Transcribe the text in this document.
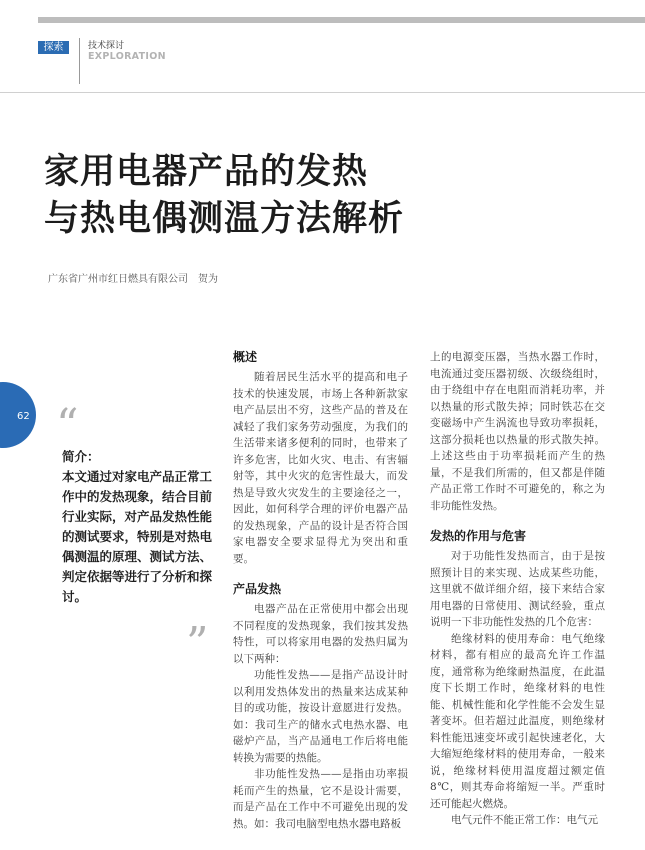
探索	技术探讨
EXPLORATION
家用电器产品的发热
与热电偶测温方法解析
广东省广州市红日燃具有限公司　贺为
62 “

简介：

本文通过对家电产品正常工作中的发热现象，结合目前行业实际，对产品发热性能的测试要求，特别是对热电偶测温的原理、测试方法、判定依据等进行了分析和探讨。

”
概述

随着居民生活水平的提高和电子技术的快速发展，市场上各种新款家电产品层出不穷，这些产品的普及在减轻了我们家务劳动强度，为我们的生活带来诸多便利的同时，也带来了许多危害，比如火灾、电击、有害辐射等，其中火灾的危害性最大，而发热是导致火灾发生的主要途径之一，因此，如何科学合理的评价电器产品的发热现象，产品的设计是否符合国家电器安全要求显得尤为突出和重要。

产品发热

电器产品在正常使用中都会出现不同程度的发热现象，我们按其发热特性，可以将家用电器的发热归属为以下两种：

功能性发热——是指产品设计时以利用发热体发出的热量来达成某种目的或功能，按设计意愿进行发热。如：我司生产的储水式电热水器、电磁炉产品，当产品通电工作后将电能转换为需要的热能。

非功能性发热——是指由功率损耗而产生的热量，它不是设计需要，而是产品在工作中不可避免出现的发热。如：我司电脑型电热水器电路板

上的电源变压器，当热水器工作时，电流通过变压器初级、次级绕组时，由于绕组中存在电阻而消耗功率，并以热量的形式散失掉；同时铁芯在交变磁场中产生涡流也导致功率损耗，这部分损耗也以热量的形式散失掉。上述这些由于功率损耗而产生的热量，不是我们所需的，但又都是伴随产品正常工作时不可避免的，称之为非功能性发热。

发热的作用与危害

对于功能性发热而言，由于是按照预计目的来实现、达成某些功能，这里就不做详细介绍，接下来结合家用电器的日常使用、测试经验，重点说明一下非功能性发热的几个危害：

绝缘材料的使用寿命：电气绝缘材料，都有相应的最高允许工作温度，通常称为绝缘耐热温度，在此温度下长期工作时，绝缘材料的电性能、机械性能和化学性能不会发生显著变坏。但若超过此温度，则绝缘材料性能迅速变坏或引起快速老化，大大缩短绝缘材料的使用寿命，一般来说，绝缘材料使用温度超过额定值8℃，则其寿命将缩短一半。严重时还可能起火燃烧。

电气元件不能正常工作：电气元
